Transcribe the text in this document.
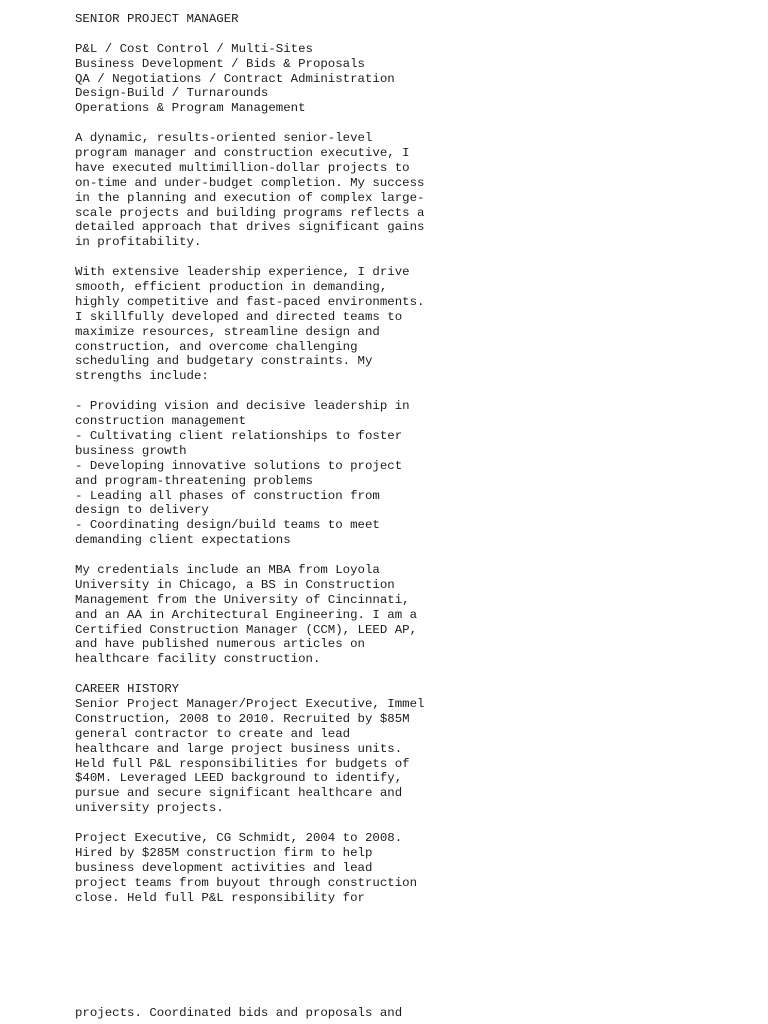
SENIOR PROJECT MANAGER
P&L / Cost Control / Multi-Sites
Business Development / Bids & Proposals
QA / Negotiations / Contract Administration
Design-Build / Turnarounds
Operations & Program Management
A dynamic, results-oriented senior-level
program manager and construction executive, I
have executed multimillion-dollar projects to
on-time and under-budget completion. My success
in the planning and execution of complex large-
scale projects and building programs reflects a
detailed approach that drives significant gains
in profitability.
With extensive leadership experience, I drive
smooth, efficient production in demanding,
highly competitive and fast-paced environments.
I skillfully developed and directed teams to
maximize resources, streamline design and
construction, and overcome challenging
scheduling and budgetary constraints. My
strengths include:
- Providing vision and decisive leadership in
construction management
- Cultivating client relationships to foster
business growth
- Developing innovative solutions to project
and program-threatening problems
- Leading all phases of construction from
design to delivery
- Coordinating design/build teams to meet
demanding client expectations
My credentials include an MBA from Loyola
University in Chicago, a BS in Construction
Management from the University of Cincinnati,
and an AA in Architectural Engineering. I am a
Certified Construction Manager (CCM), LEED AP,
and have published numerous articles on
healthcare facility construction.
CAREER HISTORY
Senior Project Manager/Project Executive, Immel
Construction, 2008 to 2010. Recruited by $85M
general contractor to create and lead
healthcare and large project business units.
Held full P&L responsibilities for budgets of
$40M. Leveraged LEED background to identify,
pursue and secure significant healthcare and
university projects.
Project Executive, CG Schmidt, 2004 to 2008.
Hired by $285M construction firm to help
business development activities and lead
project teams from buyout through construction
close. Held full P&L responsibility for
projects. Coordinated bids and proposals and
